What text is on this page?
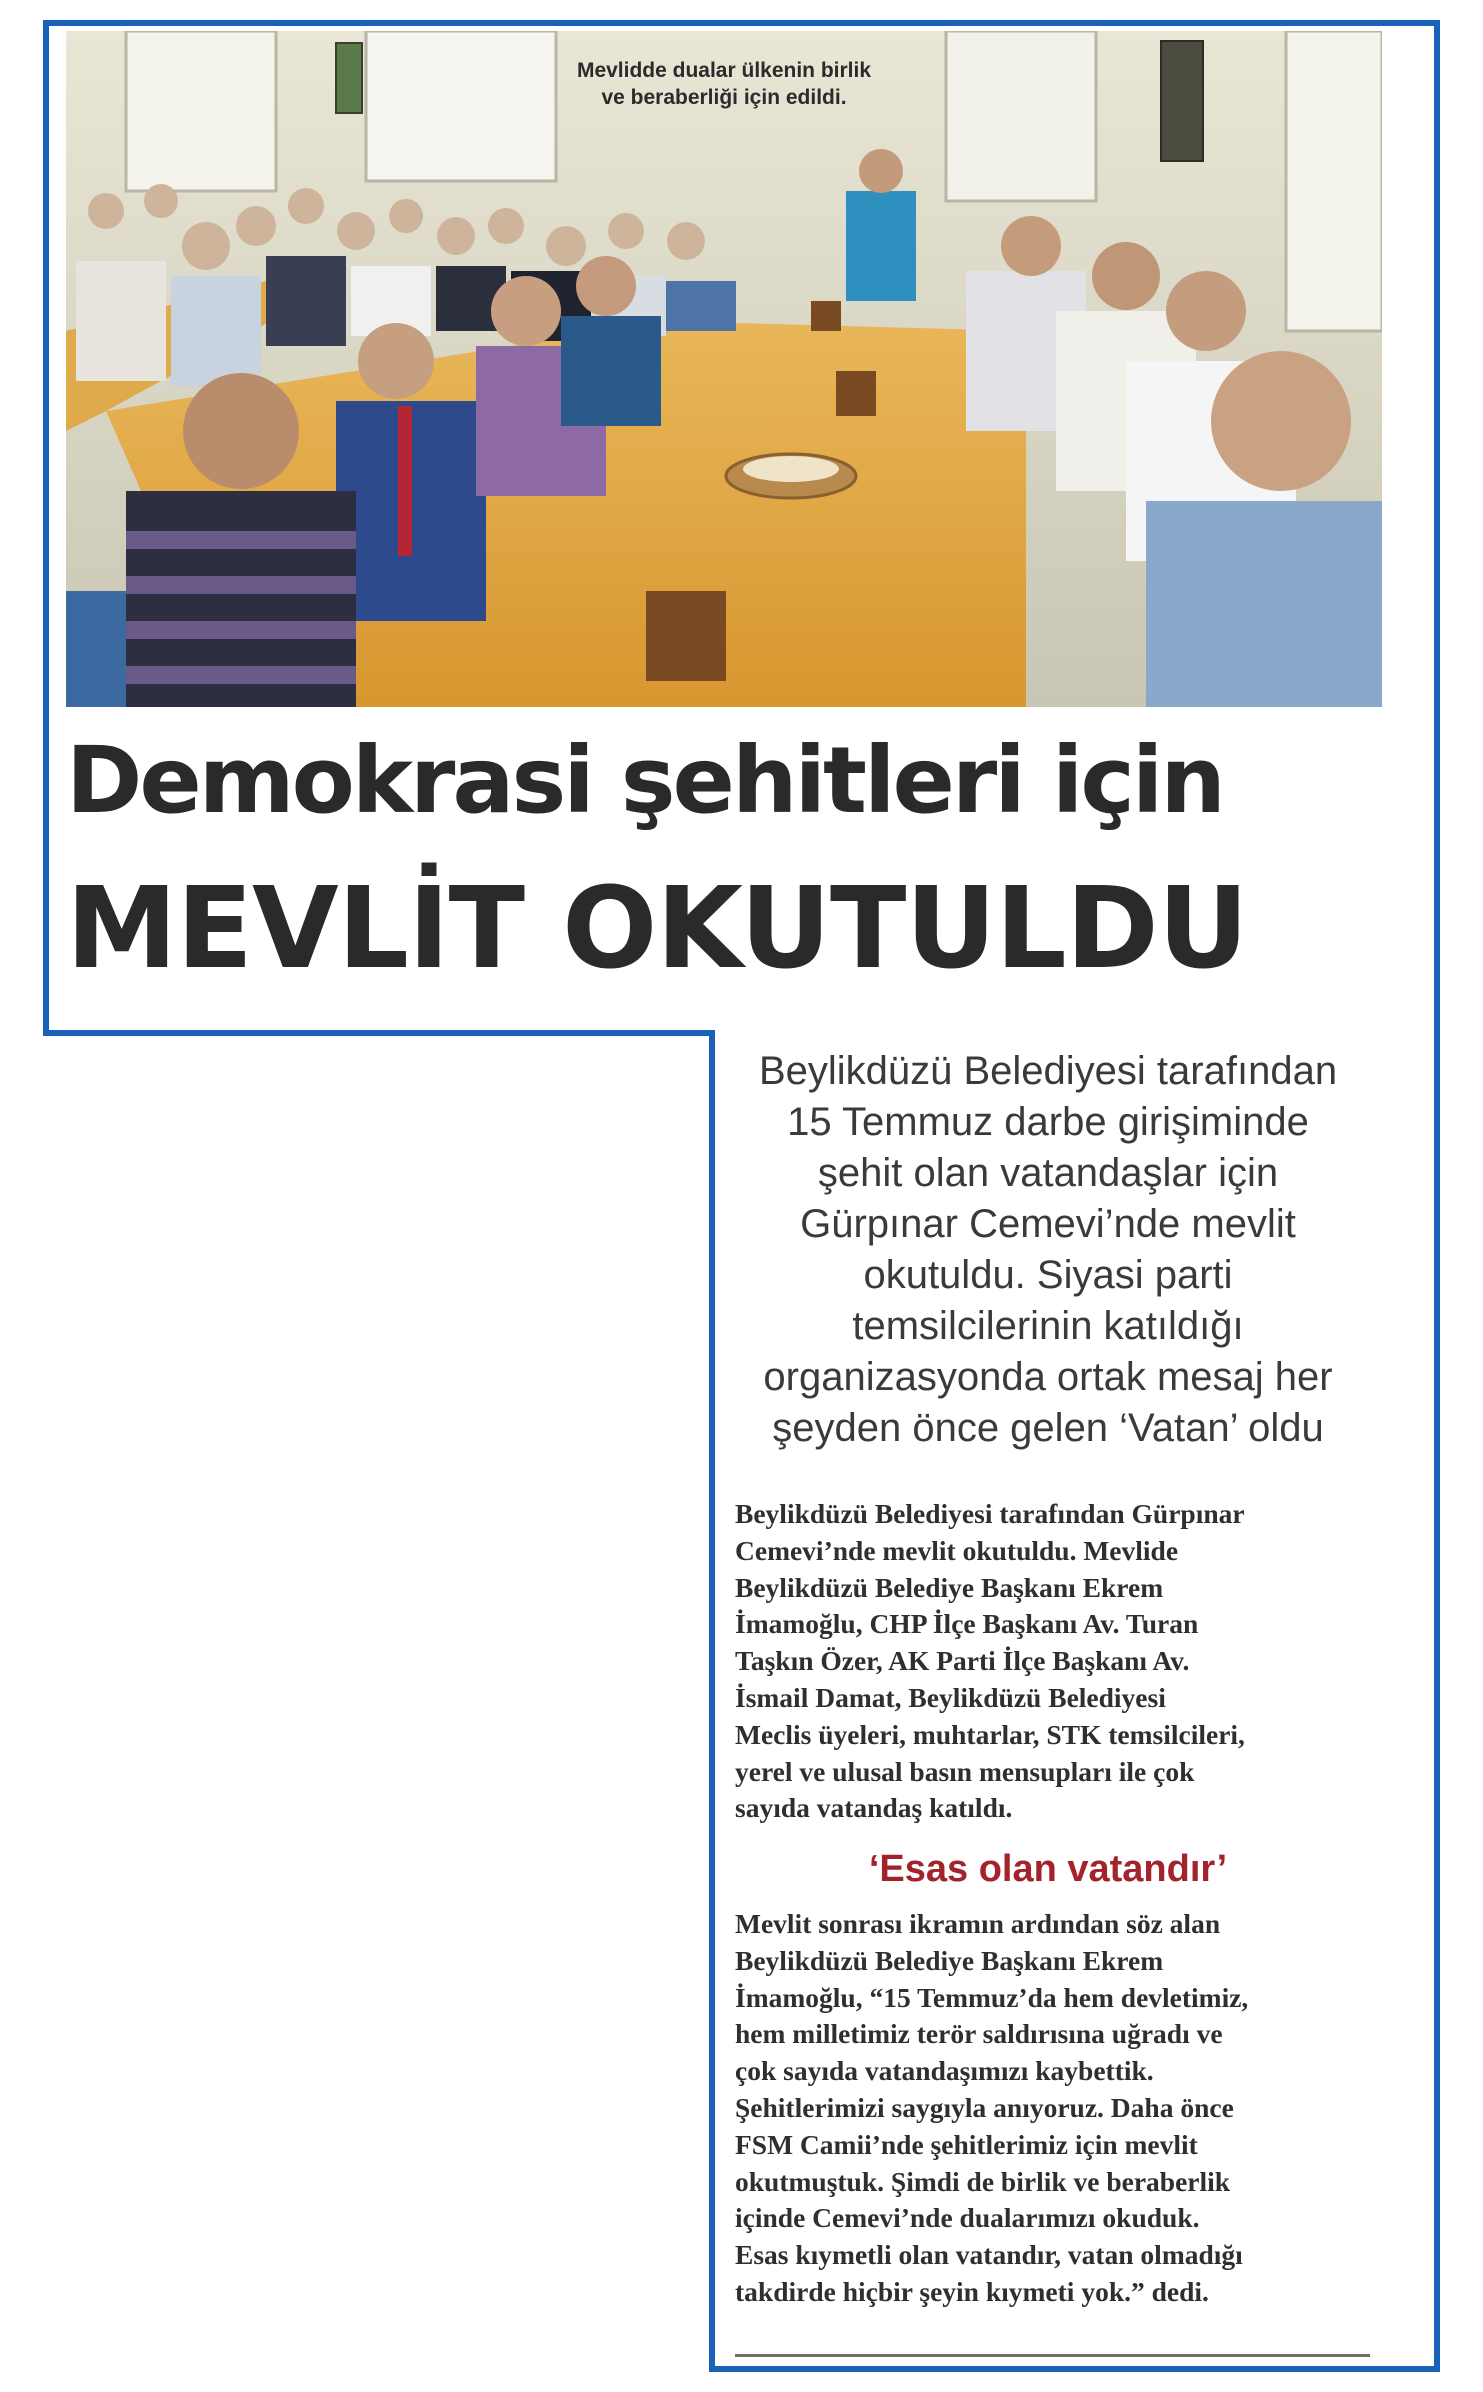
Mevlidde dualar ülkenin birlik
ve beraberliği için edildi.
Demokrasi şehitleri için
MEVLİT OKUTULDU

Beylikdüzü Belediyesi tarafından
15 Temmuz darbe girişiminde
şehit olan vatandaşlar için
Gürpınar Cemevi’nde mevlit
okutuldu. Siyasi parti
temsilcilerinin katıldığı
organizasyonda ortak mesaj her
şeyden önce gelen ‘Vatan’ oldu

Beylikdüzü Belediyesi tarafından Gürpınar
Cemevi’nde mevlit okutuldu. Mevlide
Beylikdüzü Belediye Başkanı Ekrem
İmamoğlu, CHP İlçe Başkanı Av. Turan
Taşkın Özer, AK Parti İlçe Başkanı Av.
İsmail Damat, Beylikdüzü Belediyesi
Meclis üyeleri, muhtarlar, STK temsilcileri,
yerel ve ulusal basın mensupları ile çok
sayıda vatandaş katıldı.

‘Esas olan vatandır’

Mevlit sonrası ikramın ardından söz alan
Beylikdüzü Belediye Başkanı Ekrem
İmamoğlu, “15 Temmuz’da hem devletimiz,
hem milletimiz terör saldırısına uğradı ve
çok sayıda vatandaşımızı kaybettik.
Şehitlerimizi saygıyla anıyoruz. Daha önce
FSM Camii’nde şehitlerimiz için mevlit
okutmuştuk. Şimdi de birlik ve beraberlik
içinde Cemevi’nde dualarımızı okuduk.
Esas kıymetli olan vatandır, vatan olmadığı
takdirde hiçbir şeyin kıymeti yok.” dedi.
